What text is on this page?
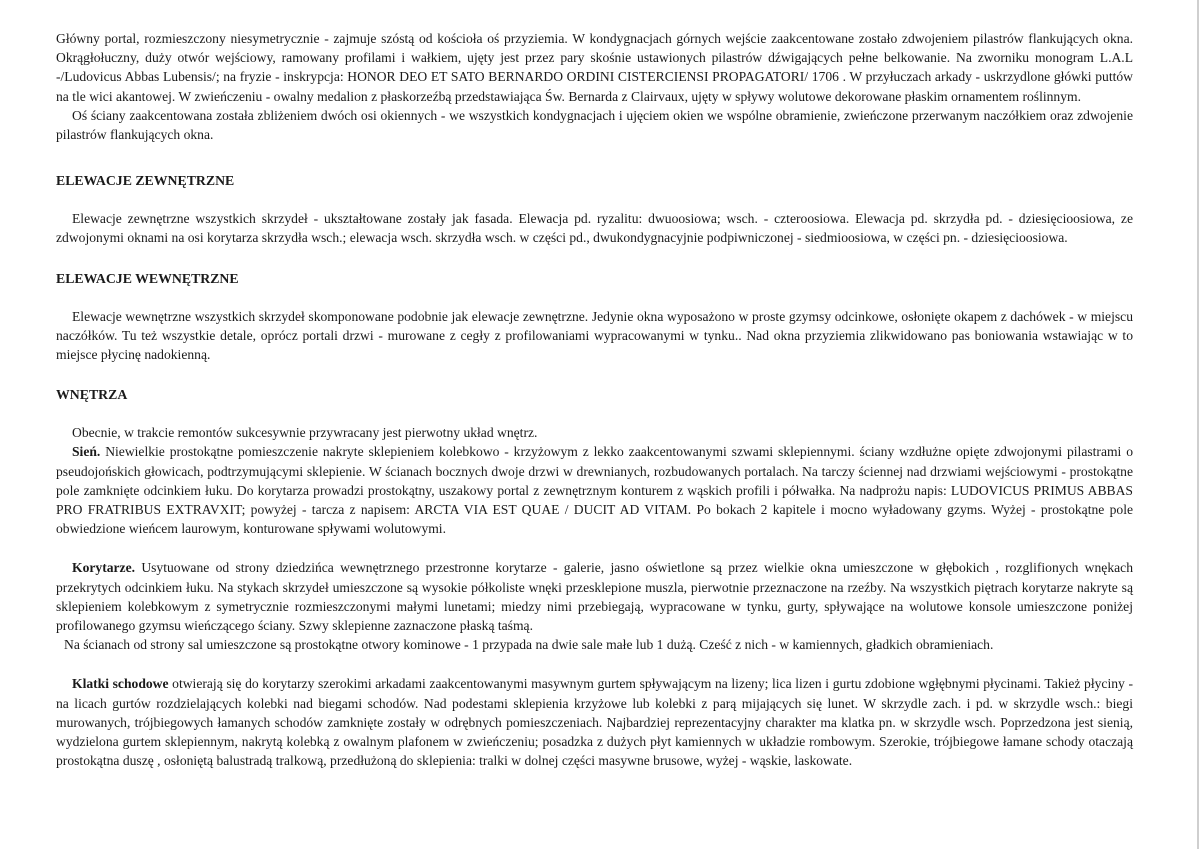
Główny portal, rozmieszczony niesymetrycznie - zajmuje szóstą od kościoła oś przyziemia. W kondygnacjach górnych wejście zaakcentowane zostało zdwojeniem pilastrów flankujących okna. Okrągłołuczny, duży otwór wejściowy, ramowany profilami i wałkiem, ujęty jest przez pary skośnie ustawionych pilastrów dźwigających pełne belkowanie. Na zworniku monogram L.A.L -/Ludovicus Abbas Lubensis/; na fryzie - inskrypcja: HONOR DEO ET SATO BERNARDO ORDINI CISTERCIENSI PROPAGATORI/ 1706 . W przyłuczach arkady - uskrzydlone główki puttów na tle wici akantowej. W zwieńczeniu - owalny medalion z płaskorzeźbą przedstawiająca Św. Bernarda z Clairvaux, ujęty w spływy wolutowe dekorowane płaskim ornamentem roślinnym.

Oś ściany zaakcentowana została zbliżeniem dwóch osi okiennych - we wszystkich kondygnacjach i ujęciem okien we wspólne obramienie, zwieńczone przerwanym naczółkiem oraz zdwojenie pilastrów flankujących okna.

ELEWACJE ZEWNĘTRZNE

Elewacje zewnętrzne wszystkich skrzydeł - ukształtowane zostały jak fasada. Elewacja pd. ryzalitu: dwuoosiowa; wsch. - czteroosiowa. Elewacja pd. skrzydła pd. - dziesięcioosiowa, ze zdwojonymi oknami na osi korytarza skrzydła wsch.; elewacja wsch. skrzydła wsch. w części pd., dwukondygnacyjnie podpiwniczonej - siedmioosiowa, w części pn. - dziesięcioosiowa.

ELEWACJE WEWNĘTRZNE

Elewacje wewnętrzne wszystkich skrzydeł skomponowane podobnie jak elewacje zewnętrzne. Jedynie okna wyposażono w proste gzymsy odcinkowe, osłonięte okapem z dachówek - w miejscu naczółków. Tu też wszystkie detale, oprócz portali drzwi - murowane z cegły z profilowaniami wypracowanymi w tynku.. Nad okna przyziemia zlikwidowano pas boniowania wstawiając w to miejsce płycinę nadokienną.

WNĘTRZA

Obecnie, w trakcie remontów sukcesywnie przywracany jest pierwotny układ wnętrz.

Sień. Niewielkie prostokątne pomieszczenie nakryte sklepieniem kolebkowo - krzyżowym z lekko zaakcentowanymi szwami sklepiennymi. ściany wzdłużne opięte zdwojonymi pilastrami o pseudojońskich głowicach, podtrzymującymi sklepienie. W ścianach bocznych dwoje drzwi w drewnianych, rozbudowanych portalach. Na tarczy ściennej nad drzwiami wejściowymi - prostokątne pole zamknięte odcinkiem łuku. Do korytarza prowadzi prostokątny, uszakowy portal z zewnętrznym konturem z wąskich profili i półwałka. Na nadprożu napis: LUDOVICUS PRIMUS ABBAS PRO FRATRIBUS EXTRAVXIT; powyżej - tarcza z napisem: ARCTA VIA EST QUAE / DUCIT AD VITAM. Po bokach 2 kapitele i mocno wyładowany gzyms. Wyżej - prostokątne pole obwiedzione wieńcem laurowym, konturowane spływami wolutowymi.

Korytarze. Usytuowane od strony dziedzińca wewnętrznego przestronne korytarze - galerie, jasno oświetlone są przez wielkie okna umieszczone w głębokich , rozglifionych wnękach przekrytych odcinkiem łuku. Na stykach skrzydeł umieszczone są wysokie półkoliste wnęki przesklepione muszla, pierwotnie przeznaczone na rzeźby. Na wszystkich piętrach korytarze nakryte są sklepieniem kolebkowym z symetrycznie rozmieszczonymi małymi lunetami; miedzy nimi przebiegają, wypracowane w tynku, gurty, spływające na wolutowe konsole umieszczone poniżej profilowanego gzymsu wieńczącego ściany. Szwy sklepienne zaznaczone płaską taśmą.

Na ścianach od strony sal umieszczone są prostokątne otwory kominowe - 1 przypada na dwie sale małe lub 1 dużą. Cześć z nich - w kamiennych, gładkich obramieniach.

Klatki schodowe otwierają się do korytarzy szerokimi arkadami zaakcentowanymi masywnym gurtem spływającym na lizeny; lica lizen i gurtu zdobione wgłębnymi płycinami. Takież płyciny - na licach gurtów rozdzielających kolebki nad biegami schodów. Nad podestami sklepienia krzyżowe lub kolebki z parą mijających się lunet. W skrzydle zach. i pd. w skrzydle wsch.: biegi murowanych, trójbiegowych łamanych schodów zamknięte zostały w odrębnych pomieszczeniach. Najbardziej reprezentacyjny charakter ma klatka pn. w skrzydle wsch. Poprzedzona jest sienią, wydzielona gurtem sklepiennym, nakrytą kolebką z owalnym plafonem w zwieńczeniu; posadzka z dużych płyt kamiennych w układzie rombowym. Szerokie, trójbiegowe łamane schody otaczają prostokątna duszę , osłoniętą balustradą tralkową, przedłużoną do sklepienia: tralki w dolnej części masywne brusowe, wyżej - wąskie, laskowate.
